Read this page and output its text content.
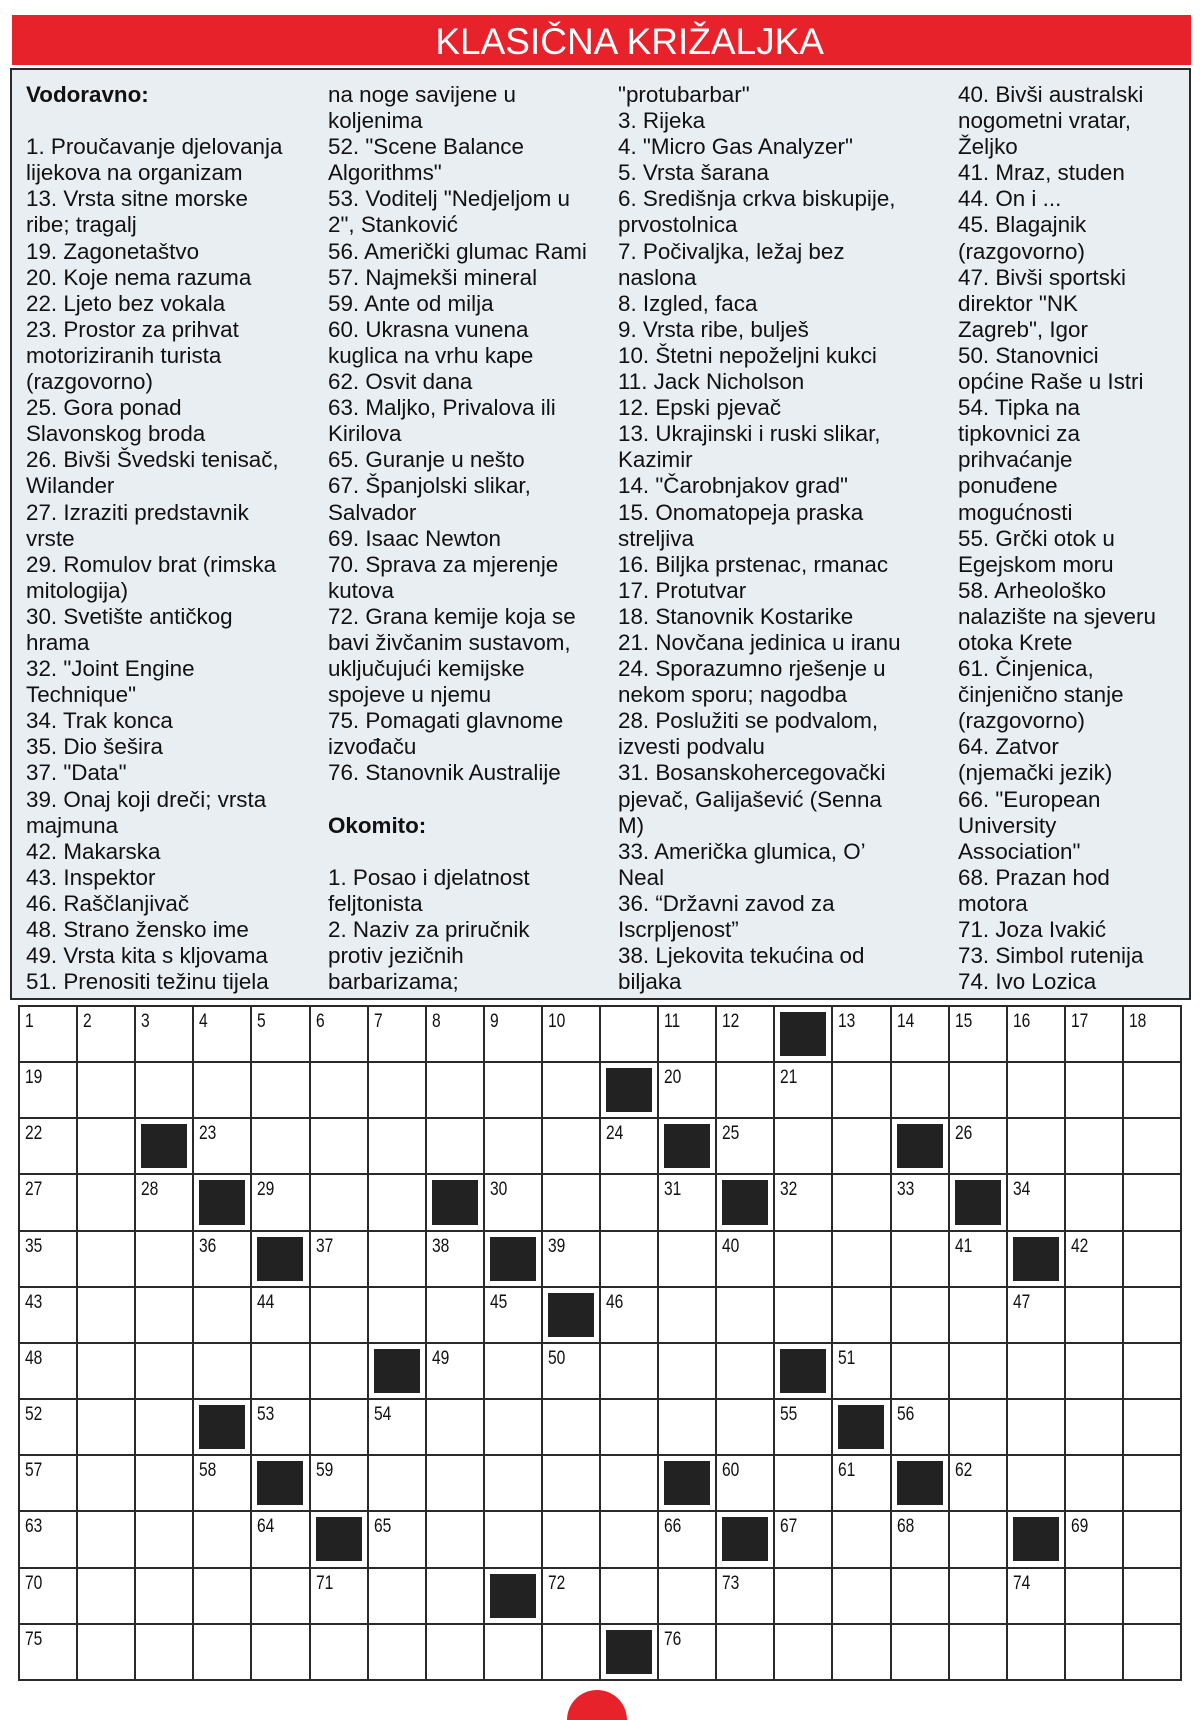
KLASIČNA KRIŽALJKA
Vodoravno:
1. Proučavanje djelovanja
lijekova na organizam
13. Vrsta sitne morske
ribe; tragalj
19. Zagonetaštvo
20. Koje nema razuma
22. Ljeto bez vokala
23. Prostor za prihvat
motoriziranih turista
(razgovorno)
25. Gora ponad
Slavonskog broda
26. Bivši Švedski tenisač,
Wilander
27. Izraziti predstavnik
vrste
29. Romulov brat (rimska
mitologija)
30. Svetište antičkog
hrama
32. "Joint Engine
Technique"
34. Trak konca
35. Dio šešira
37. "Data"
39. Onaj koji dreči; vrsta
majmuna
42. Makarska
43. Inspektor
46. Raščlanjivač
48. Strano žensko ime
49. Vrsta kita s kljovama
51. Prenositi težinu tijela
na noge savijene u
koljenima
52. "Scene Balance
Algorithms"
53. Voditelj "Nedjeljom u
2", Stanković
56. Američki glumac Rami
57. Najmekši mineral
59. Ante od milja
60. Ukrasna vunena
kuglica na vrhu kape
62. Osvit dana
63. Maljko, Privalova ili
Kirilova
65. Guranje u nešto
67. Španjolski slikar,
Salvador
69. Isaac Newton
70. Sprava za mjerenje
kutova
72. Grana kemije koja se
bavi živčanim sustavom,
uključujući kemijske
spojeve u njemu
75. Pomagati glavnome
izvođaču
76. Stanovnik Australije
Okomito:
1. Posao i djelatnost
feljtonista
2. Naziv za priručnik
protiv jezičnih
barbarizama;
"protubarbar"
3. Rijeka
4. "Micro Gas Analyzer"
5. Vrsta šarana
6. Središnja crkva biskupije,
prvostolnica
7. Počivaljka, ležaj bez
naslona
8. Izgled, faca
9. Vrsta ribe, bulješ
10. Štetni nepoželjni kukci
11. Jack Nicholson
12. Epski pjevač
13. Ukrajinski i ruski slikar,
Kazimir
14. "Čarobnjakov grad"
15. Onomatopeja praska
streljiva
16. Biljka prstenac, rmanac
17. Protutvar
18. Stanovnik Kostarike
21. Novčana jedinica u iranu
24. Sporazumno rješenje u
nekom sporu; nagodba
28. Poslužiti se podvalom,
izvesti podvalu
31. Bosanskohercegovački
pjevač, Galijašević (Senna
M)
33. Američka glumica, O’
Neal
36. “Državni zavod za
Iscrpljenost”
38. Ljekovita tekućina od
biljaka
40. Bivši australski
nogometni vratar,
Željko
41. Mraz, studen
44. On i ...
45. Blagajnik
(razgovorno)
47. Bivši sportski
direktor "NK
Zagreb", Igor
50. Stanovnici
općine Raše u Istri
54. Tipka na
tipkovnici za
prihvaćanje
ponuđene
mogućnosti
55. Grčki otok u
Egejskom moru
58. Arheološko
nalazište na sjeveru
otoka Krete
61. Činjenica,
činjenično stanje
(razgovorno)
64. Zatvor
(njemački jezik)
66. "European
University
Association"
68. Prazan hod
motora
71. Joza Ivakić
73. Simbol rutenija
74. Ivo Lozica
1	2	3	4	5	6	7	8	9	10	11 12	13 14 15 16 17 18
19	20	21
22	23	24	25	26
27	28	29	30	31	32	33	34
35	36	37	38	39	40	41	42
43	44	45	46	47
48	49	50	51
52	53	54	55	56
57	58	59	60	61	62
63	64	65	66	67	68	69
70	71	72	73	74
75	76
